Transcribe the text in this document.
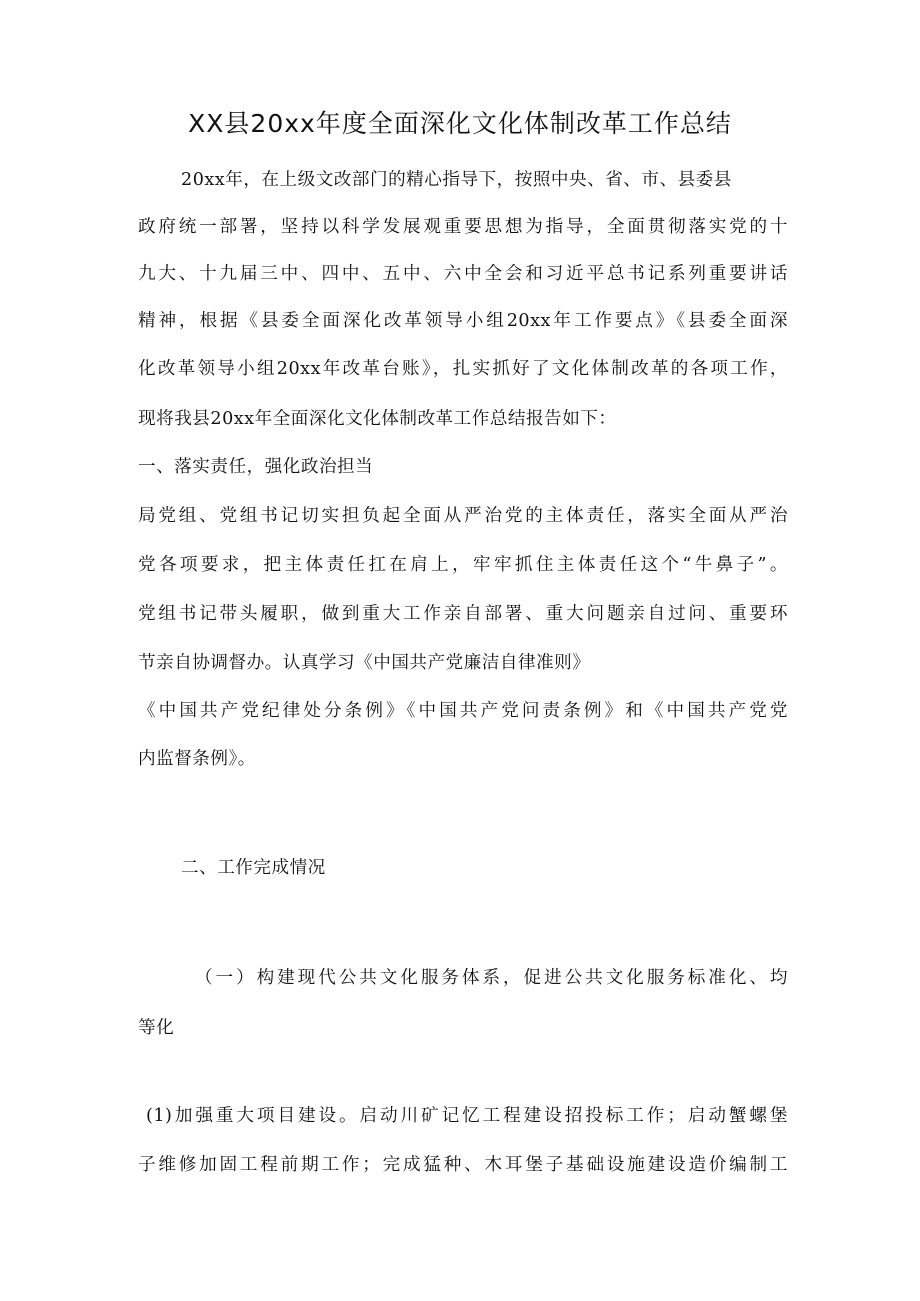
XX县20xx年度全面深化文化体制改革工作总结
20xx年，在上级文改部门的精心指导下，按照中央、省、市、县委县
政府统一部署，坚持以科学发展观重要思想为指导，全面贯彻落实党的十
九大、十九届三中、四中、五中、六中全会和习近平总书记系列重要讲话
精神，根据《县委全面深化改革领导小组20xx年工作要点》《县委全面深
化改革领导小组20xx年改革台账》，扎实抓好了文化体制改革的各项工作，
现将我县20xx年全面深化文化体制改革工作总结报告如下：
一、落实责任，强化政治担当
局党组、党组书记切实担负起全面从严治党的主体责任，落实全面从严治
党各项要求，把主体责任扛在肩上，牢牢抓住主体责任这个“牛鼻子”。
党组书记带头履职，做到重大工作亲自部署、重大问题亲自过问、重要环
节亲自协调督办。认真学习《中国共产党廉洁自律准则》
《中国共产党纪律处分条例》《中国共产党问责条例》和《中国共产党党
内监督条例》。
二、工作完成情况
（一）构建现代公共文化服务体系，促进公共文化服务标准化、均
等化
(1)加强重大项目建设。启动川矿记忆工程建设招投标工作；启动蟹螺堡
子维修加固工程前期工作；完成猛种、木耳堡子基础设施建设造价编制工
